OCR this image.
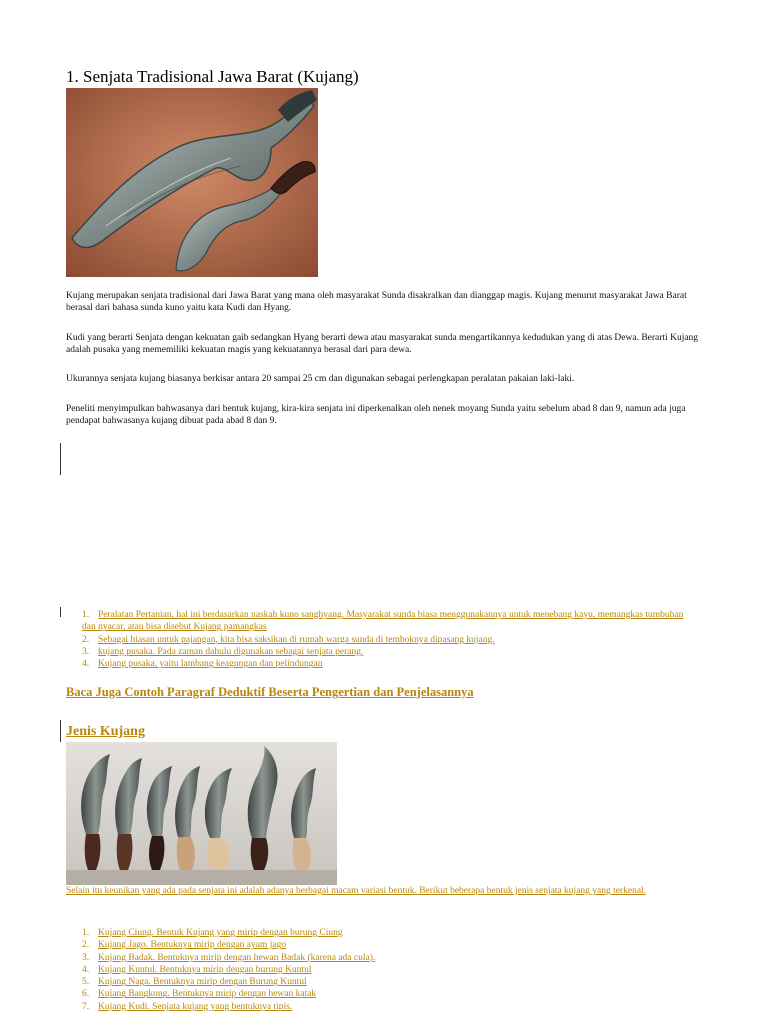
1. Senjata Tradisional Jawa Barat (Kujang)

Kujang merupakan senjata tradisional dari Jawa Barat yang mana oleh masyarakat Sunda disakralkan dan dianggap magis. Kujang menurut masyarakat Jawa Barat berasal dari bahasa sunda kuno yaitu kata Kudi dan Hyang.

Kudi yang berarti Senjata dengan kekuatan gaib sedangkan Hyang berarti dewa atau masyarakat sunda mengartikannya kedudukan yang di atas Dewa. Berarti Kujang adalah pusaka yang mememiliki kekuatan magis yang kekuatannya berasal dari para dewa.

Ukurannya senjata kujang biasanya berkisar antara 20 sampai 25 cm dan digunakan sebagai perlengkapan peralatan pakaian laki-laki.

Peneliti menyimpulkan bahwasanya dari bentuk kujang, kira-kira senjata ini diperkenalkan oleh nenek moyang Sunda yaitu sebelum abad 8 dan 9, namun ada juga pendapat bahwasanya kujang dibuat pada abad 8 dan 9.

1. Peralatan Pertanian, hal ini berdasarkan naskah kuno sanghyang. Masyarakat sunda biasa menggunakannya untuk menebang kayu, memangkas tumbuhan dan nyacar, atau bisa disebut Kujang pamangkas
2. Sebagai hiasan untuk pajangan, kita bisa saksikan di rumah warga sunda di temboknya dipasang kujang.
3. kujang pusaka. Pada zaman dahulu digunakan sebagai senjata perang.
4. Kujang pusaka, yaitu lambang keagungan dan pelindungan

Baca Juga Contoh Paragraf Deduktif Beserta Pengertian dan Penjelasannya

Jenis Kujang

Selain itu keunikan yang ada pada senjata ini adalah adanya berbagai macam variasi bentuk. Berikut beberapa bentuk jenis senjata kujang yang terkenal.

1. Kujang Ciung. Bentuk Kujang yang mirip dengan burung Ciung
2. Kujang Jago. Bentuknya mirip dengan ayam jago
3. Kujang Badak. Bentuknya mirip dengan hewan Badak (karena ada cula).
4. Kujang Kuntul. Bentuknya mirip dengan burung Kuntul
5. Kujang Naga. Bentuknya mirip dengan Burung Kuntul
6. Kujang Bangkong. Bentuknya mirip dengan hewan katak
7. Kujang Kudi. Senjata kujang yang bentuknya tipis.
